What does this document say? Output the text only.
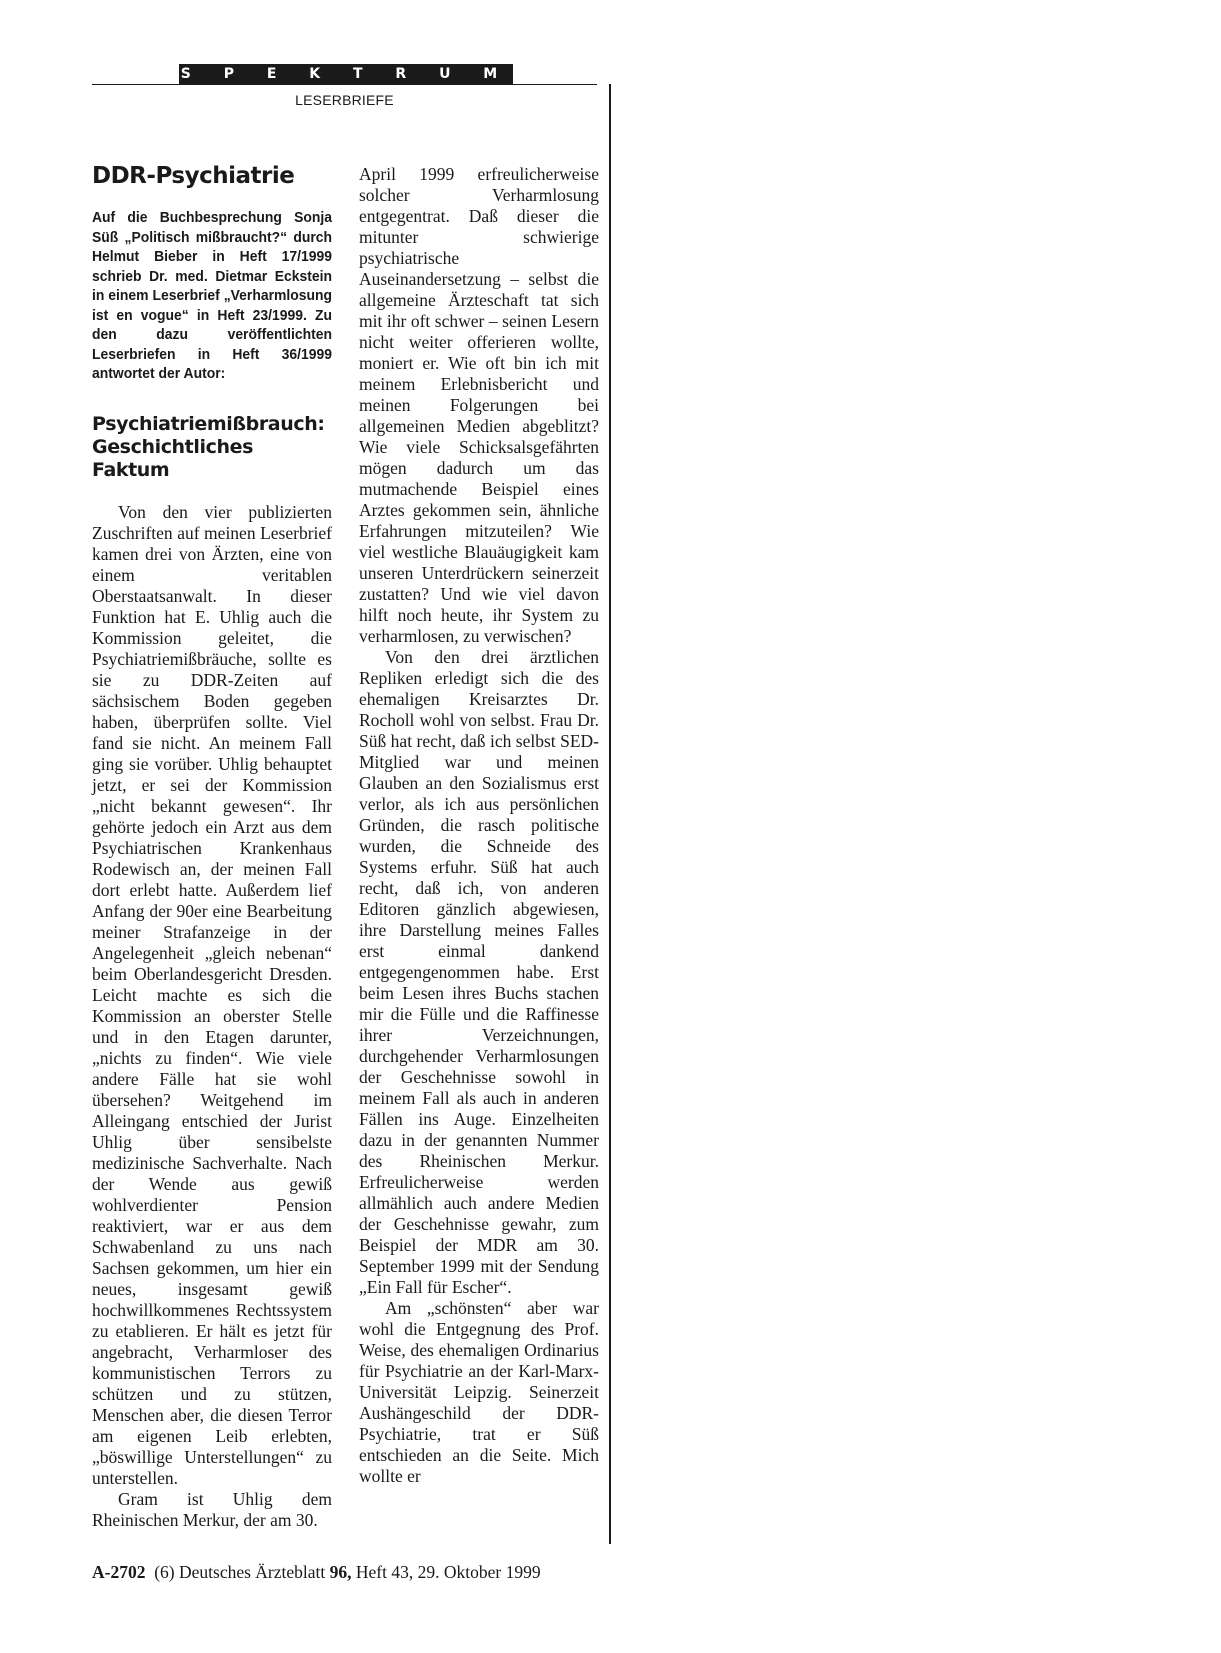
S P E K T R U M
LESERBRIEFE
DDR-Psychiatrie
Auf die Buchbesprechung Sonja Süß „Politisch mißbraucht?“ durch Helmut Bieber in Heft 17/1999 schrieb Dr. med. Dietmar Eckstein in einem Leserbrief „Verharmlosung ist en vogue“ in Heft 23/1999. Zu den dazu veröffentlichten Leserbriefen in Heft 36/1999 antwortet der Autor:
Psychiatriemißbrauch:
Geschichtliches Faktum

Von den vier publizierten Zuschriften auf meinen Leserbrief kamen drei von Ärzten, eine von einem veritablen Oberstaatsanwalt. In dieser Funktion hat E. Uhlig auch die Kommission geleitet, die Psychiatriemißbräuche, sollte es sie zu DDR-Zeiten auf sächsischem Boden gegeben haben, überprüfen sollte. Viel fand sie nicht. An meinem Fall ging sie vorüber. Uhlig behauptet jetzt, er sei der Kommission „nicht bekannt gewesen“. Ihr gehörte jedoch ein Arzt aus dem Psychiatrischen Krankenhaus Rodewisch an, der meinen Fall dort erlebt hatte. Außerdem lief Anfang der 90er eine Bearbeitung meiner Strafanzeige in der Angelegenheit „gleich nebenan“ beim Oberlandesgericht Dresden. Leicht machte es sich die Kommission an oberster Stelle und in den Etagen darunter, „nichts zu finden“. Wie viele andere Fälle hat sie wohl übersehen? Weitgehend im Alleingang entschied der Jurist Uhlig über sensibelste medizinische Sachverhalte. Nach der Wende aus gewiß wohlverdienter Pension reaktiviert, war er aus dem Schwabenland zu uns nach Sachsen gekommen, um hier ein neues, insgesamt gewiß hochwillkommenes Rechtssystem zu etablieren. Er hält es jetzt für angebracht, Verharmloser des kommunistischen Terrors zu schützen und zu stützen, Menschen aber, die diesen Terror am eigenen Leib erlebten, „böswillige Unterstellungen“ zu unterstellen.

Gram ist Uhlig dem Rheinischen Merkur, der am 30.

April 1999 erfreulicherweise solcher Verharmlosung entgegentrat. Daß dieser die mitunter schwierige psychiatrische Auseinandersetzung – selbst die allgemeine Ärzteschaft tat sich mit ihr oft schwer – seinen Lesern nicht weiter offerieren wollte, moniert er. Wie oft bin ich mit meinem Erlebnisbericht und meinen Folgerungen bei allgemeinen Medien abgeblitzt? Wie viele Schicksalsgefährten mögen dadurch um das mutmachende Beispiel eines Arztes gekommen sein, ähnliche Erfahrungen mitzuteilen? Wie viel westliche Blauäugigkeit kam unseren Unterdrückern seinerzeit zustatten? Und wie viel davon hilft noch heute, ihr System zu verharmlosen, zu verwischen?

Von den drei ärztlichen Repliken erledigt sich die des ehemaligen Kreisarztes Dr. Rocholl wohl von selbst. Frau Dr. Süß hat recht, daß ich selbst SED-Mitglied war und meinen Glauben an den Sozialismus erst verlor, als ich aus persönlichen Gründen, die rasch politische wurden, die Schneide des Systems erfuhr. Süß hat auch recht, daß ich, von anderen Editoren gänzlich abgewiesen, ihre Darstellung meines Falles erst einmal dankend entgegengenommen habe. Erst beim Lesen ihres Buchs stachen mir die Fülle und die Raffinesse ihrer Verzeichnungen, durchgehender Verharmlosungen der Geschehnisse sowohl in meinem Fall als auch in anderen Fällen ins Auge. Einzelheiten dazu in der genannten Nummer des Rheinischen Merkur. Erfreulicherweise werden allmählich auch andere Medien der Geschehnisse gewahr, zum Beispiel der MDR am 30. September 1999 mit der Sendung „Ein Fall für Escher“.

Am „schönsten“ aber war wohl die Entgegnung des Prof. Weise, des ehemaligen Ordinarius für Psychiatrie an der Karl-Marx-Universität Leipzig. Seinerzeit Aushängeschild der DDR-Psychiatrie, trat er Süß entschieden an die Seite. Mich wollte er

A-2702 (6) Deutsches Ärzteblatt 96, Heft 43, 29. Oktober 1999
